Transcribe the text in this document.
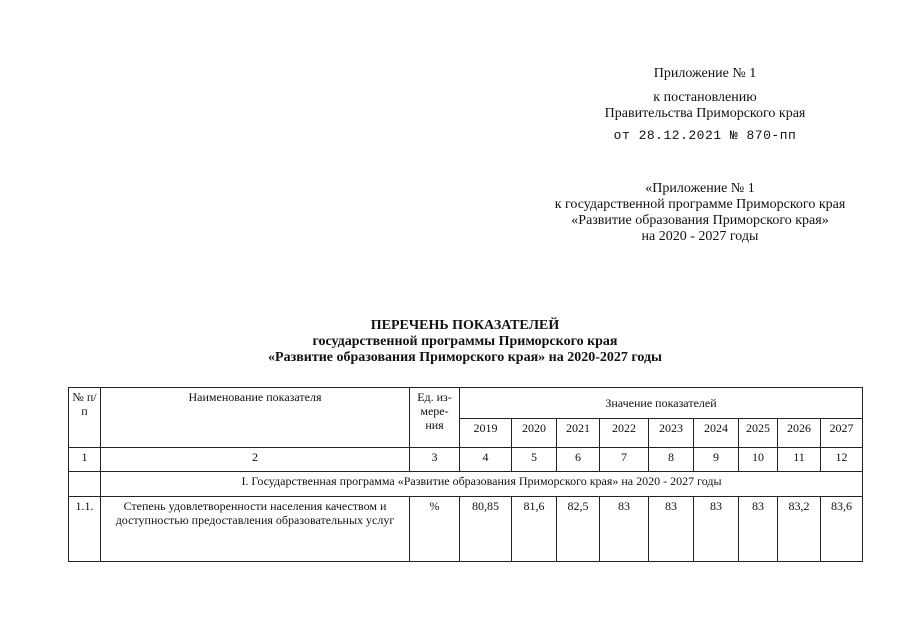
Приложение № 1
к постановлению
Правительства Приморского края
от 28.12.2021 № 870-пп
«Приложение № 1
к государственной программе Приморского края
«Развитие образования Приморского края»
на 2020 - 2027 годы
ПЕРЕЧЕНЬ ПОКАЗАТЕЛЕЙ
государственной программы Приморского края
«Развитие образования Приморского края» на 2020-2027 годы
№ п/п	Наименование показателя	Ед. из-мере-ния	Значение показателей								
			2019	2020	2021	2022	2023	2024	2025	2026	2027
1	2	3	4	5	6	7	8	9	10	11	12
	I. Государственная программа «Развитие образования Приморского края» на 2020 - 2027 годы										
1.1.	Степень удовлетворенности населения качеством и доступностью предоставления образовательных услуг	%	80,85	81,6	82,5	83	83	83	83	83,2	83,6
